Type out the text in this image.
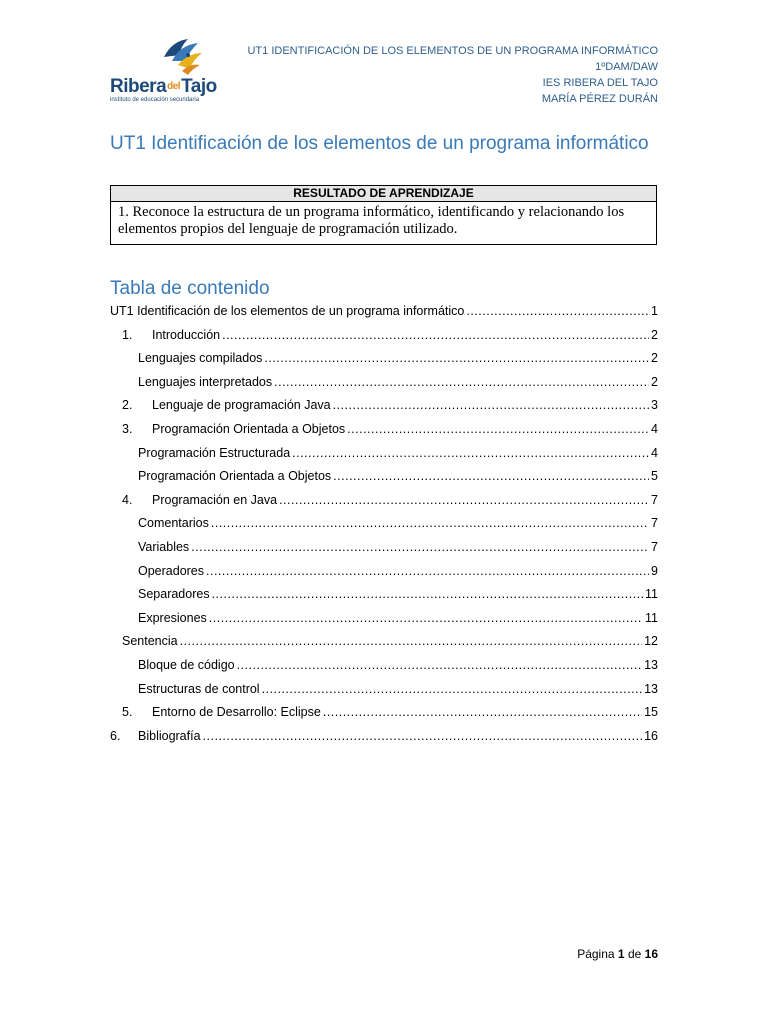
RiberadelTajo
instituto de educación secundaria
UT1 IDENTIFICACIÓN DE LOS ELEMENTOS DE UN PROGRAMA INFORMÁTICO
1ºDAM/DAW
IES RIBERA DEL TAJO
MARÍA PÉREZ DURÁN
UT1 Identificación de los elementos de un programa informático
RESULTADO DE APRENDIZAJE
1. Reconoce la estructura de un programa informático, identificando y relacionando los elementos propios del lenguaje de programación utilizado.
Tabla de contenido
UT1 Identificación de los elementos de un programa informático .....	1
1.	Introducción .....	2
Lenguajes compilados .....	2
Lenguajes interpretados .....	2
2.	Lenguaje de programación Java .....	3
3.	Programación Orientada a Objetos .....	4
Programación Estructurada .....	4
Programación Orientada a Objetos .....	5
4.	Programación en Java .....	7
Comentarios .....	7
Variables .....	7
Operadores .....	9
Separadores .....	11
Expresiones .....	11
Sentencia .....	12
Bloque de código .....	13
Estructuras de control .....	13
5.	Entorno de Desarrollo: Eclipse .....	15
6.	Bibliografía .....	16
Página 1 de 16
